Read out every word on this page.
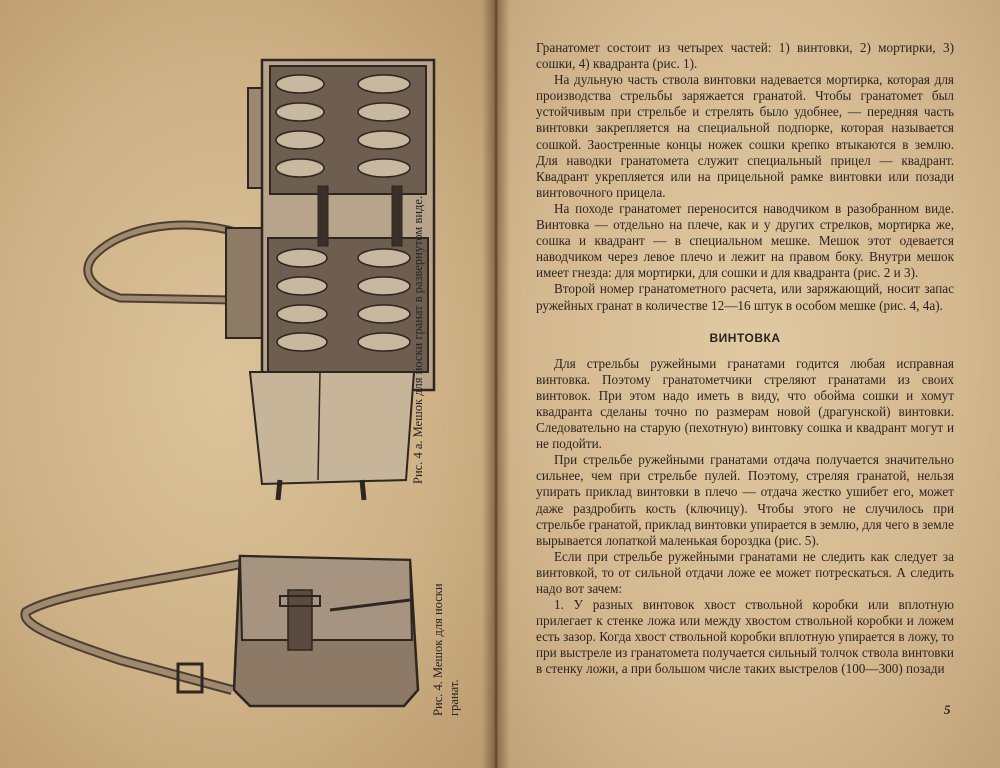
Рис. 4 а. Мешок для носки гранат в развернутом виде.
Рис. 4. Мешок для носки гранат.

Гранатомет состоит из четырех частей: 1) винтовки, 2) мортирки, 3) сошки, 4) квадранта (рис. 1).

На дульную часть ствола винтовки надевается мортирка, которая для производства стрельбы заряжается гранатой. Чтобы гранатомет был устойчивым при стрельбе и стрелять было удобнее, — передняя часть винтовки закрепляется на специальной подпорке, которая называется сошкой. Заостренные концы ножек сошки крепко втыкаются в землю. Для наводки гранатомета служит специальный прицел — квадрант. Квадрант укрепляется или на прицельной рамке винтовки или позади винтовочного прицела.

На походе гранатомет переносится наводчиком в разобранном виде. Винтовка — отдельно на плече, как и у других стрелков, мортирка же, сошка и квадрант — в специальном мешке. Мешок этот одевается наводчиком через левое плечо и лежит на правом боку. Внутри мешок имеет гнезда: для мортирки, для сошки и для квадранта (рис. 2 и 3).

Второй номер гранатометного расчета, или заряжающий, носит запас ружейных гранат в количестве 12—16 штук в особом мешке (рис. 4, 4а).

ВИНТОВКА

Для стрельбы ружейными гранатами годится любая исправная винтовка. Поэтому гранатометчики стреляют гранатами из своих винтовок. При этом надо иметь в виду, что обойма сошки и хомут квадранта сделаны точно по размерам новой (драгунской) винтовки. Следовательно на старую (пехотную) винтовку сошка и квадрант могут и не подойти.

При стрельбе ружейными гранатами отдача получается значительно сильнее, чем при стрельбе пулей. Поэтому, стреляя гранатой, нельзя упирать приклад винтовки в плечо — отдача жестко ушибет его, может даже раздробить кость (ключицу). Чтобы этого не случилось при стрельбе гранатой, приклад винтовки упирается в землю, для чего в земле вырывается лопаткой маленькая бороздка (рис. 5).

Если при стрельбе ружейными гранатами не следить как следует за винтовкой, то от сильной отдачи ложе ее может потрескаться. А следить надо вот зачем:

1. У разных винтовок хвост ствольной коробки или вплотную прилегает к стенке ложа или между хвостом ствольной коробки и ложем есть зазор. Когда хвост ствольной коробки вплотную упирается в ложу, то при выстреле из гранатомета получается сильный толчок ствола винтовки в стенку ложи, а при большом числе таких выстрелов (100—300) позади

5
